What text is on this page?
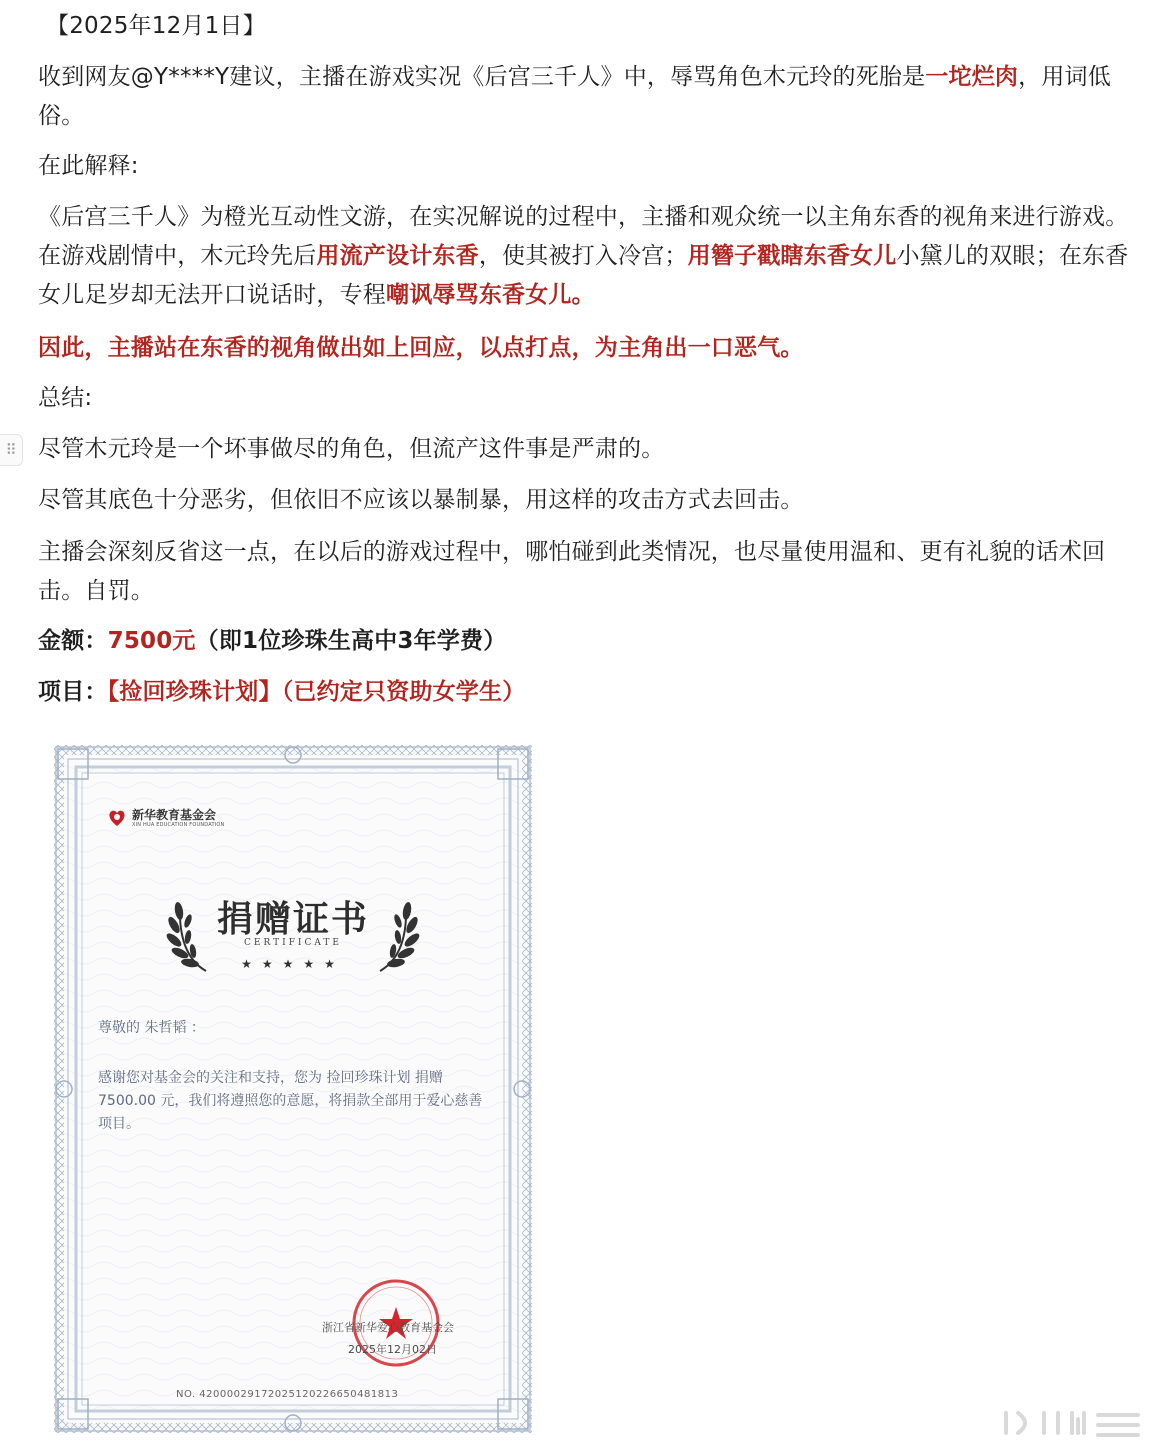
⠿

【2025年12月1日】

收到网友@Y****Y建议，主播在游戏实况《后宫三千人》中，辱骂角色木元玲的死胎是一坨烂肉，用词低俗。

在此解释:

《后宫三千人》为橙光互动性文游，在实况解说的过程中，主播和观众统一以主角东香的视角来进行游戏。在游戏剧情中，木元玲先后用流产设计东香，使其被打入冷宫；用簪子戳瞎东香女儿小黛儿的双眼；在东香女儿足岁却无法开口说话时，专程嘲讽辱骂东香女儿。

因此，主播站在东香的视角做出如上回应，以点打点，为主角出一口恶气。

总结:

尽管木元玲是一个坏事做尽的角色，但流产这件事是严肃的。

尽管其底色十分恶劣，但依旧不应该以暴制暴，用这样的攻击方式去回击。

主播会深刻反省这一点，在以后的游戏过程中，哪怕碰到此类情况，也尽量使用温和、更有礼貌的话术回击。自罚。

金额：7500元（即1位珍珠生高中3年学费）

项目：【捡回珍珠计划】（已约定只资助女学生）

新华教育基金会
XIN HUA EDUCATION FOUNDATION
捐赠证书
CERTIFICATE
★★★★★
尊敬的 朱哲韬 ：
感谢您对基金会的关注和支持，您为 捡回珍珠计划 捐赠 7500.00 元，我们将遵照您的意愿，将捐款全部用于爱心慈善项目。
浙江省新华爱心教育基金会
2025年12月02日
NO. 42000029172025120226650481813
